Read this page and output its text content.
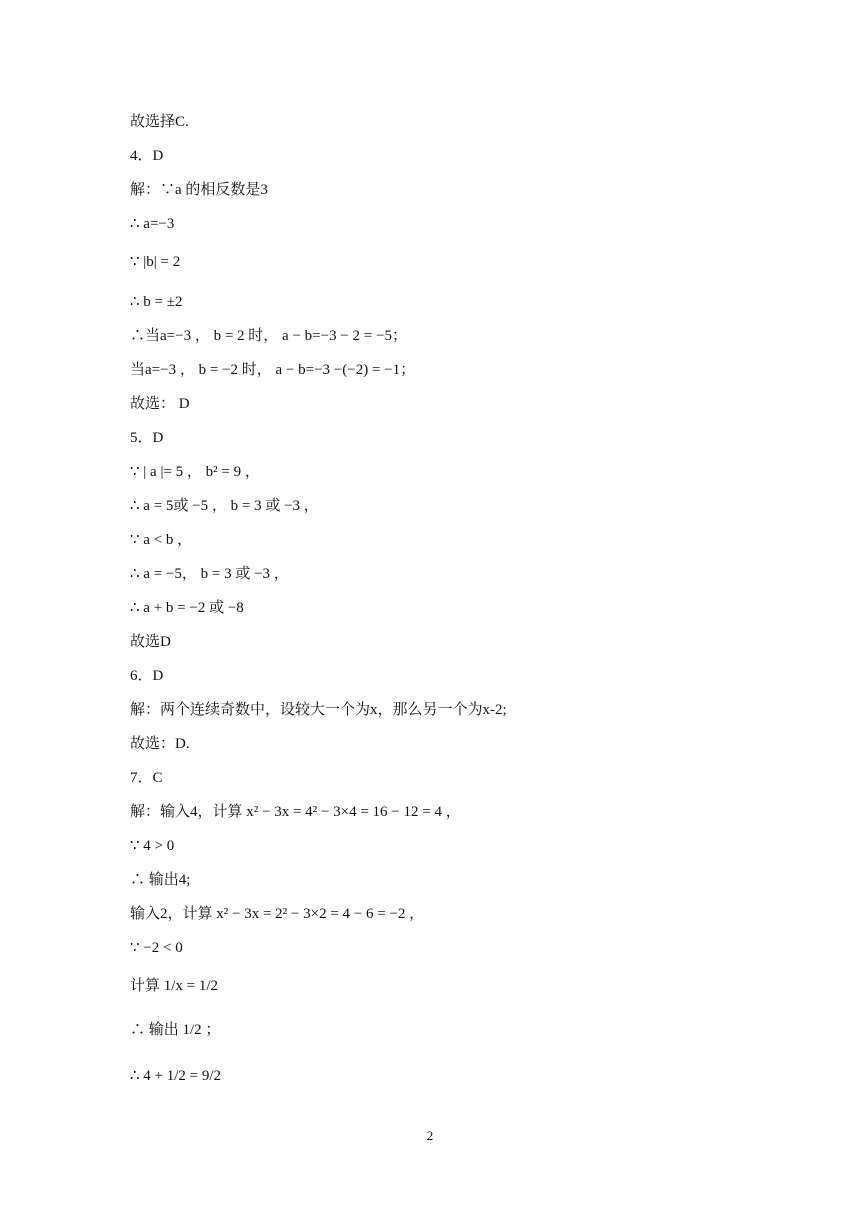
故选择C.
4．D
解：∵a 的相反数是3
∴ a=−3
∵ |b| = 2
∴ b = ±2
∴当a=−3 ， b = 2 时， a − b=−3 − 2 = −5；
当a=−3 ， b = −2 时， a − b=−3 −(−2) = −1；
故选： D
5．D
∵ | a |= 5 ， b² = 9 ，
∴ a = 5或 −5 ， b = 3 或 −3 ，
∵ a < b ，
∴ a = −5， b = 3 或 −3 ，
∴ a + b = −2 或 −8
故选D
6．D
解：两个连续奇数中，设较大一个为x，那么另一个为x-2;
故选：D.
7．C
解：输入4，计算 x² − 3x = 4² − 3×4 = 16 − 12 = 4 ，
∵ 4 > 0
∴ 输出4;
输入2，计算 x² − 3x = 2² − 3×2 = 4 − 6 = −2 ，
∵ −2 < 0
计算 1/x = 1/2
∴ 输出 1/2 ；
∴ 4 + 1/2 = 9/2
2
